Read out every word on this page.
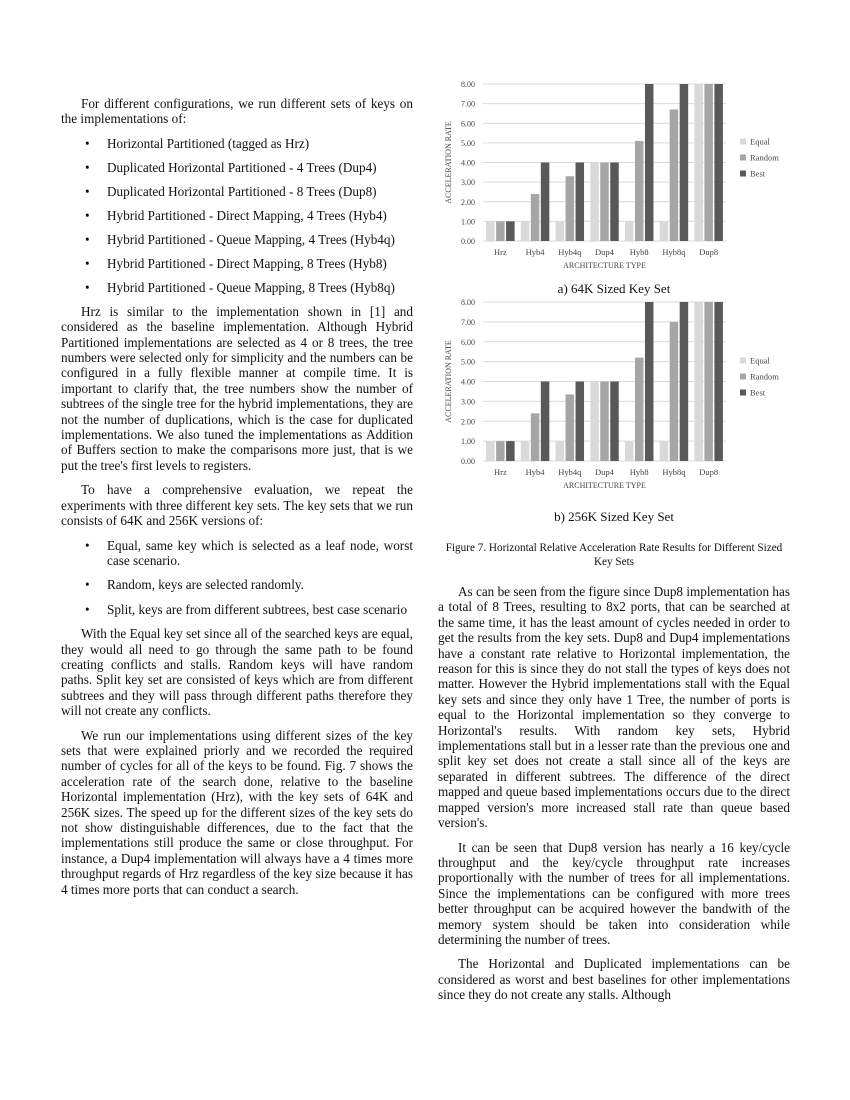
For different configurations, we run different sets of keys on the implementations of:

• Horizontal Partitioned (tagged as Hrz)
• Duplicated Horizontal Partitioned - 4 Trees (Dup4)
• Duplicated Horizontal Partitioned - 8 Trees (Dup8)
• Hybrid Partitioned - Direct Mapping, 4 Trees (Hyb4)
• Hybrid Partitioned - Queue Mapping, 4 Trees (Hyb4q)
• Hybrid Partitioned - Direct Mapping, 8 Trees (Hyb8)
• Hybrid Partitioned - Queue Mapping, 8 Trees (Hyb8q)

Hrz is similar to the implementation shown in [1] and considered as the baseline implementation. Although Hybrid Partitioned implementations are selected as 4 or 8 trees, the tree numbers were selected only for simplicity and the numbers can be configured in a fully flexible manner at compile time. It is important to clarify that, the tree numbers show the number of subtrees of the single tree for the hybrid implementations, they are not the number of duplications, which is the case for duplicated implementations. We also tuned the implementations as Addition of Buffers section to make the comparisons more just, that is we put the tree's first levels to registers.

To have a comprehensive evaluation, we repeat the experiments with three different key sets. The key sets that we run consists of 64K and 256K versions of:

• Equal, same key which is selected as a leaf node, worst case scenario.
• Random, keys are selected randomly.
• Split, keys are from different subtrees, best case scenario

With the Equal key set since all of the searched keys are equal, they would all need to go through the same path to be found creating conflicts and stalls. Random keys will have random paths. Split key set are consisted of keys which are from different subtrees and they will pass through different paths therefore they will not create any conflicts.

We run our implementations using different sizes of the key sets that were explained priorly and we recorded the required number of cycles for all of the keys to be found. Fig. 7 shows the acceleration rate of the search done, relative to the baseline Horizontal implementation (Hrz), with the key sets of 64K and 256K sizes. The speed up for the different sizes of the key sets do not show distinguishable differences, due to the fact that the implementations still produce the same or close throughput. For instance, a Dup4 implementation will always have a 4 times more throughput regards of Hrz regardless of the key size because it has 4 times more ports that can conduct a search.

0.00
1.00
2.00
3.00
4.00
5.00
6.00
7.00
8.00
Hrz Hyb4 Hyb4q Dup4 Hyb8 Hyb8q Dup8
ARCHITECTURE TYPE
ACCELERATION RATE	Equal
Random
Best
a) 64K Sized Key Set
0.00
1.00
2.00
3.00
4.00
5.00
6.00
7.00
8.00
Hrz Hyb4 Hyb4q Dup4 Hyb8 Hyb8q Dup8
ARCHITECTURE TYPE
ACCELERATION RATE	Equal
Random
Best
b) 256K Sized Key Set
Figure 7. Horizontal Relative Acceleration Rate Results for Different Sized Key Sets

As can be seen from the figure since Dup8 implementation has a total of 8 Trees, resulting to 8x2 ports, that can be searched at the same time, it has the least amount of cycles needed in order to get the results from the key sets. Dup8 and Dup4 implementations have a constant rate relative to Horizontal implementation, the reason for this is since they do not stall the types of keys does not matter. However the Hybrid implementations stall with the Equal key sets and since they only have 1 Tree, the number of ports is equal to the Horizontal implementation so they converge to Horizontal's results. With random key sets, Hybrid implementations stall but in a lesser rate than the previous one and split key set does not create a stall since all of the keys are separated in different subtrees. The difference of the direct mapped and queue based implementations occurs due to the direct mapped version's more increased stall rate than queue based version's.

It can be seen that Dup8 version has nearly a 16 key/cycle throughput and the key/cycle throughput rate increases proportionally with the number of trees for all implementations. Since the implementations can be configured with more trees better throughput can be acquired however the bandwith of the memory system should be taken into consideration while determining the number of trees.

The Horizontal and Duplicated implementations can be considered as worst and best baselines for other implementations since they do not create any stalls. Although
